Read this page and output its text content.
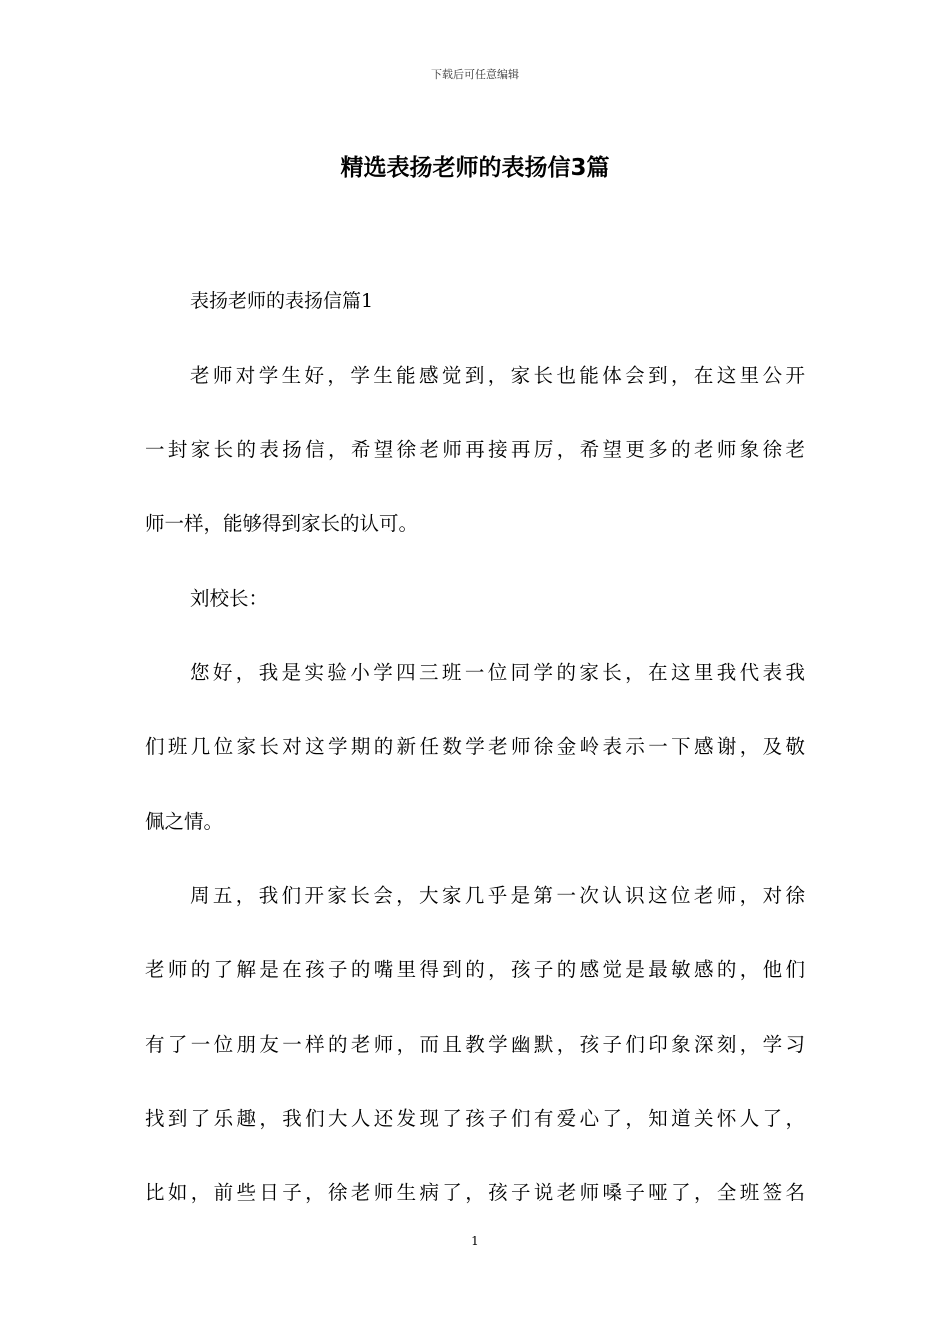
下载后可任意编辑
精选表扬老师的表扬信3篇
表扬老师的表扬信篇1

老师对学生好，学生能感觉到，家长也能体会到，在这里公开

一封家长的表扬信，希望徐老师再接再厉，希望更多的老师象徐老

师一样，能够得到家长的认可。

刘校长：

您好，我是实验小学四三班一位同学的家长，在这里我代表我

们班几位家长对这学期的新任数学老师徐金岭表示一下感谢，及敬

佩之情。

周五，我们开家长会，大家几乎是第一次认识这位老师，对徐

老师的了解是在孩子的嘴里得到的，孩子的感觉是最敏感的，他们

有了一位朋友一样的老师，而且教学幽默，孩子们印象深刻，学习

找到了乐趣，我们大人还发现了孩子们有爱心了，知道关怀人了，

比如，前些日子，徐老师生病了，孩子说老师嗓子哑了，全班签名

1
